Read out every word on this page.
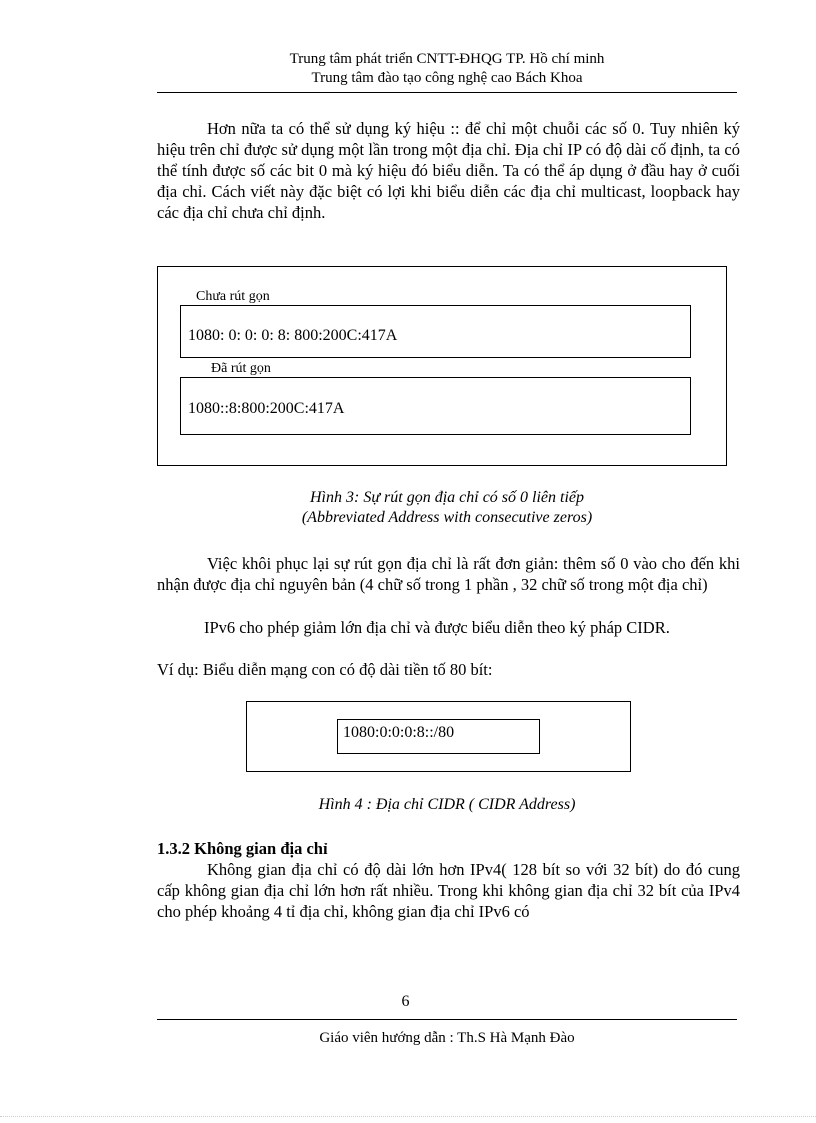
Trung tâm phát triển CNTT-ĐHQG TP. Hồ chí minh
Trung tâm đào tạo công nghệ cao Bách Khoa
Hơn nữa ta có thể sử dụng ký hiệu :: để chỉ một chuỗi các số 0. Tuy nhiên ký hiệu trên chỉ được sử dụng một lần trong một địa chỉ. Địa chỉ IP có độ dài cố định, ta có thể tính được số các bit 0 mà ký hiệu đó biểu diễn. Ta có thể áp dụng ở đầu hay ở cuối địa chỉ. Cách viết này đặc biệt có lợi khi biểu diễn các địa chỉ multicast, loopback hay các địa chỉ chưa chỉ định.
Chưa rút gọn
1080: 0: 0: 0: 8: 800:200C:417A
Đã rút gọn
1080::8:800:200C:417A
Hình 3: Sự rút gọn địa chỉ có số 0 liên tiếp
(Abbreviated Address with consecutive zeros)
Việc khôi phục lại sự rút gọn địa chỉ là rất đơn giản: thêm số 0 vào cho đến khi nhận được địa chỉ nguyên bản (4 chữ số trong 1 phần , 32 chữ số trong một địa chỉ)
IPv6 cho phép giảm lớn địa chỉ và được biểu diễn theo ký pháp CIDR.
Ví dụ: Biểu diễn mạng con có độ dài tiền tố 80 bít:
1080:0:0:0:8::/80
Hình 4 : Địa chỉ CIDR ( CIDR Address)
1.3.2 Không gian địa chỉ
Không gian địa chỉ có độ dài lớn hơn IPv4( 128 bít so với 32 bít) do đó cung cấp không gian địa chỉ lớn hơn rất nhiều. Trong khi không gian địa chỉ 32 bít của IPv4 cho phép khoảng 4 tỉ địa chỉ, không gian địa chỉ IPv6 có
6
Giáo viên hướng dẫn : Th.S Hà Mạnh Đào
